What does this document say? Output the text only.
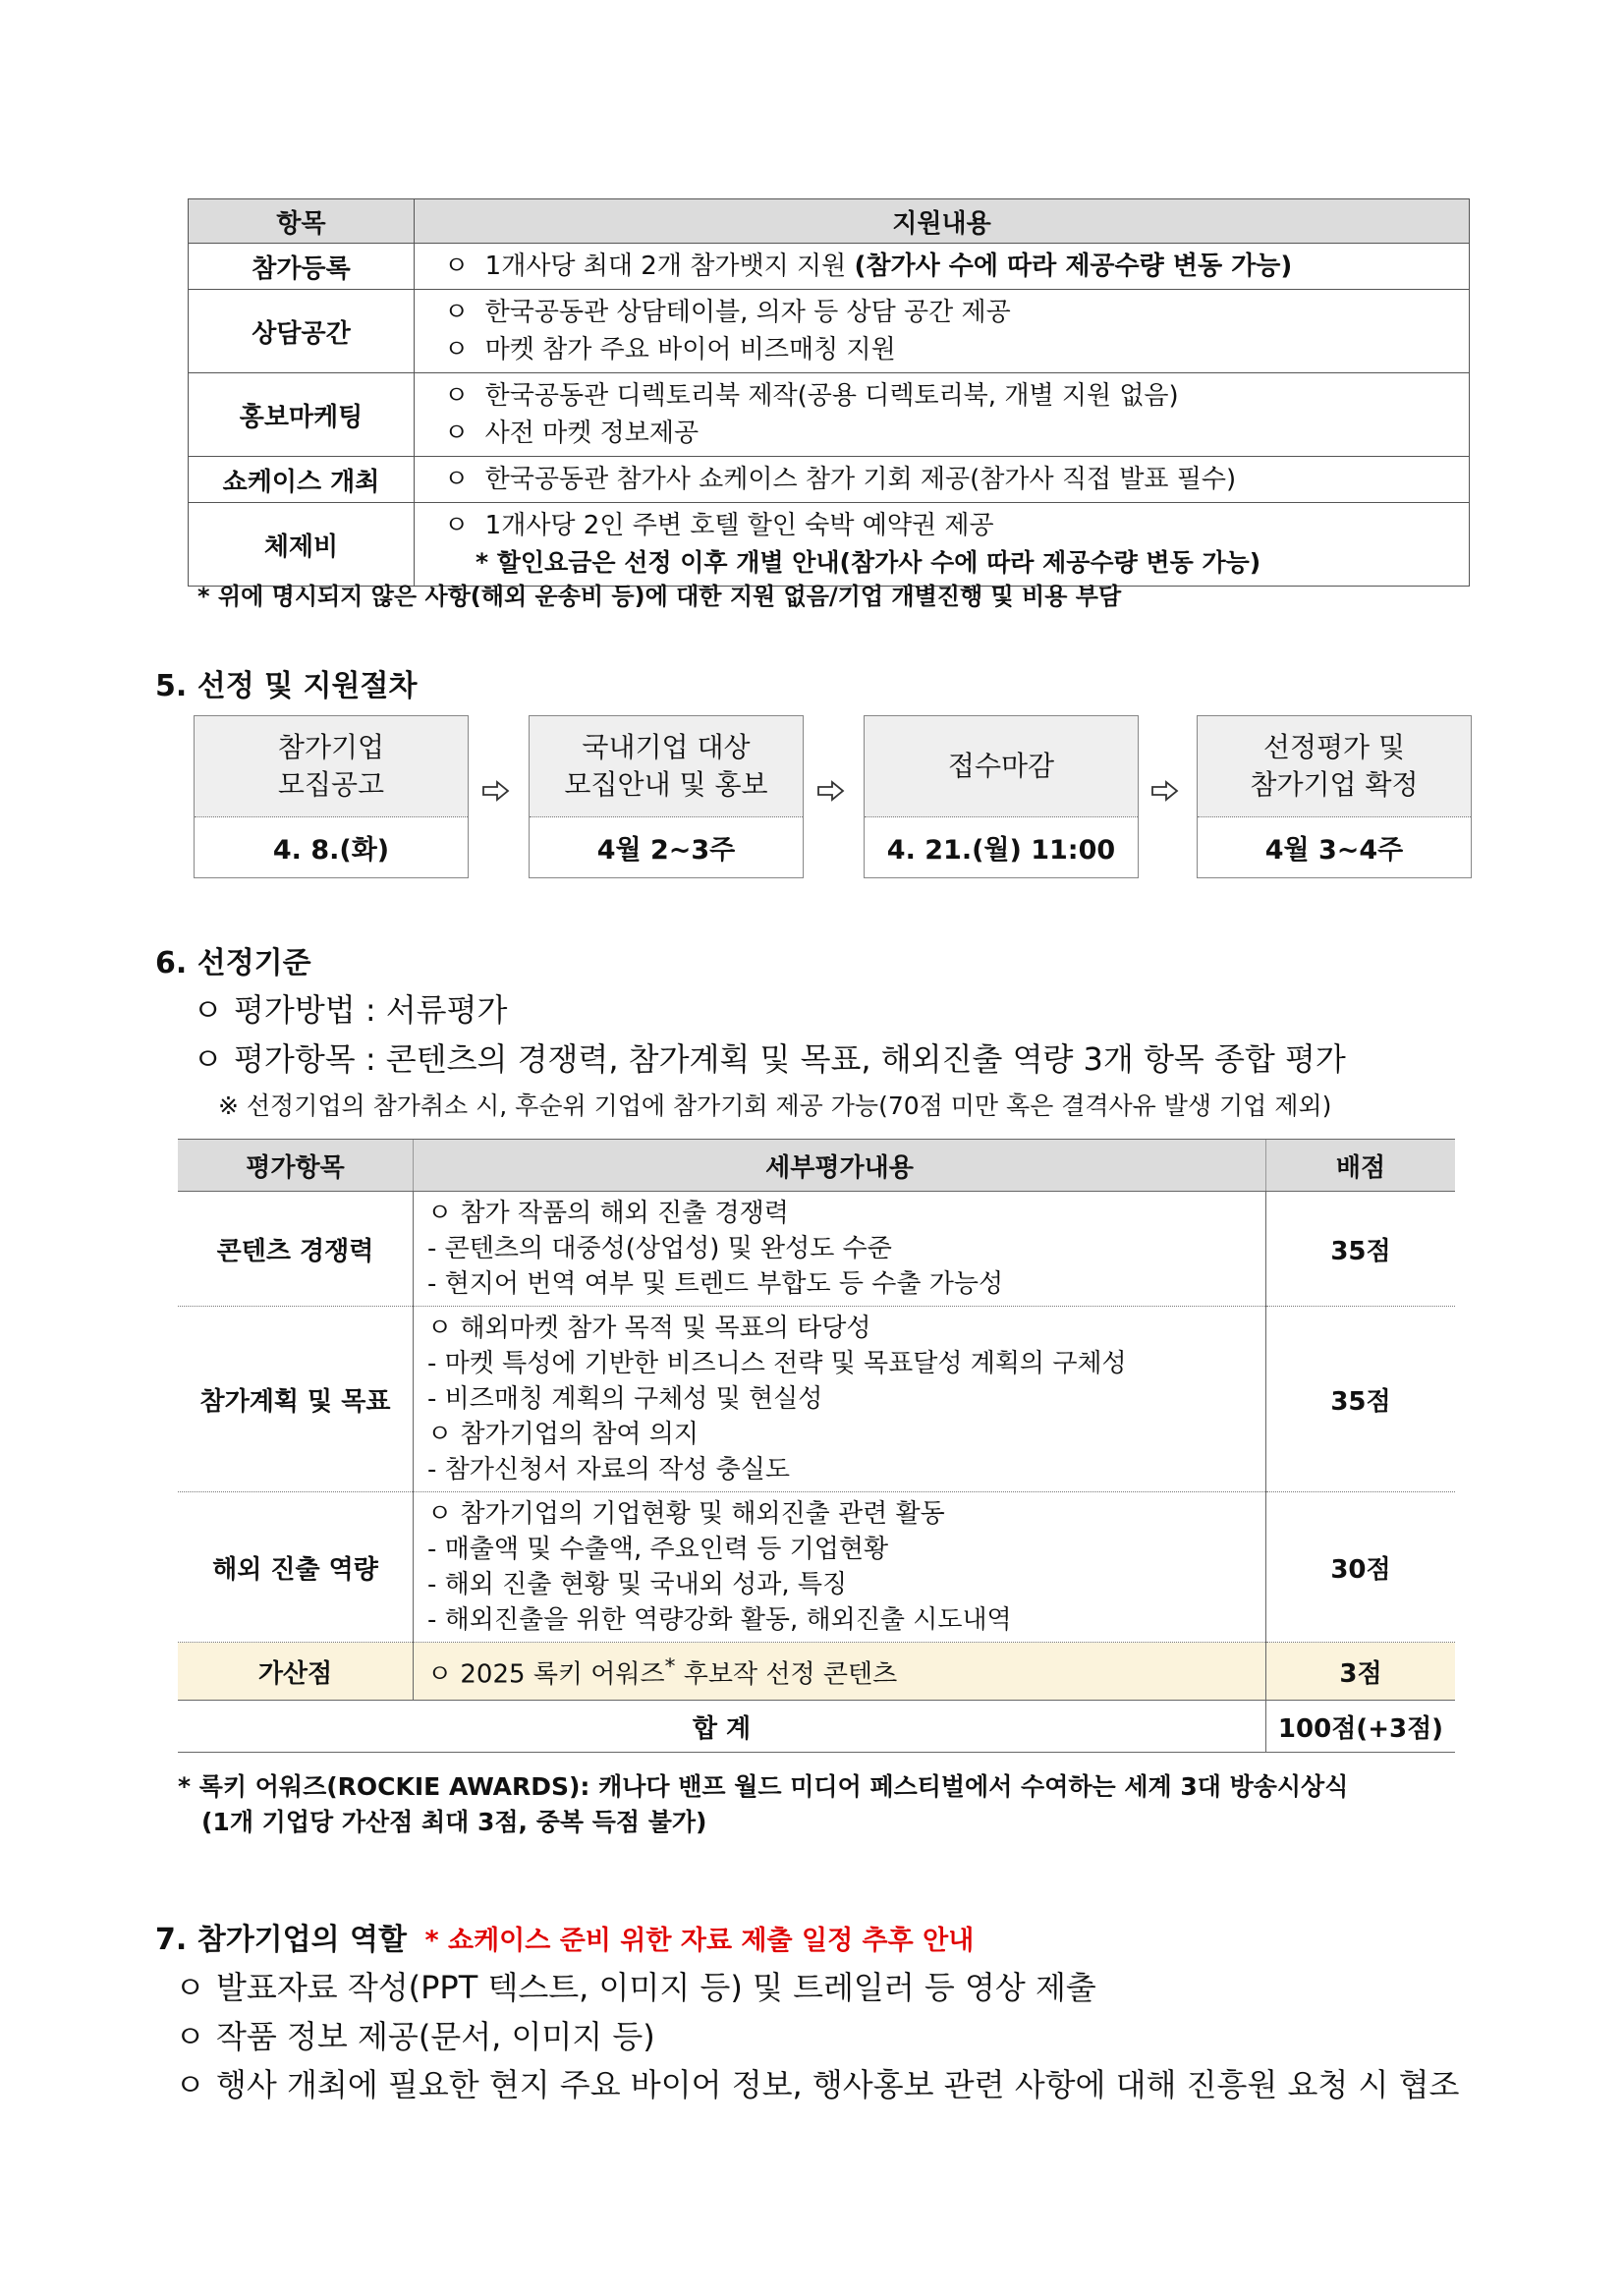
항목	지원내용
참가등록	ㅇ 1개사당 최대 2개 참가뱃지 지원 (참가사 수에 따라 제공수량 변동 가능)

상담공간	ㅇ 한국공동관 상담테이블, 의자 등 상담 공간 제공
ㅇ 마켓 참가 주요 바이어 비즈매칭 지원

홍보마케팅	ㅇ 한국공동관 디렉토리북 제작(공용 디렉토리북, 개별 지원 없음)
ㅇ 사전 마켓 정보제공

쇼케이스 개최	ㅇ 한국공동관 참가사 쇼케이스 참가 기회 제공(참가사 직접 발표 필수)

체제비	ㅇ 1개사당 2인 주변 호텔 할인 숙박 예약권 제공
* 할인요금은 선정 이후 개별 안내(참가사 수에 따라 제공수량 변동 가능)
* 위에 명시되지 않은 사항(해외 운송비 등)에 대한 지원 없음/기업 개별진행 및 비용 부담
5. 선정 및 지원절차
참가기업
모집공고
4. 8.(화)
국내기업 대상
모집안내 및 홍보
4월 2~3주
접수마감
4. 21.(월) 11:00
선정평가 및
참가기업 확정
4월 3~4주
6. 선정기준
ㅇ 평가방법 : 서류평가
ㅇ 평가항목 : 콘텐츠의 경쟁력, 참가계획 및 목표, 해외진출 역량 3개 항목 종합 평가
※ 선정기업의 참가취소 시, 후순위 기업에 참가기회 제공 가능(70점 미만 혹은 결격사유 발생 기업 제외)
평가항목	세부평가내용	배점
콘텐츠 경쟁력	ㅇ 참가 작품의 해외 진출 경쟁력
- 콘텐츠의 대중성(상업성) 및 완성도 수준
- 현지어 번역 여부 및 트렌드 부합도 등 수출 가능성	35점
참가계획 및 목표	ㅇ 해외마켓 참가 목적 및 목표의 타당성
- 마켓 특성에 기반한 비즈니스 전략 및 목표달성 계획의 구체성
- 비즈매칭 계획의 구체성 및 현실성
ㅇ 참가기업의 참여 의지
- 참가신청서 자료의 작성 충실도	35점
해외 진출 역량	ㅇ 참가기업의 기업현황 및 해외진출 관련 활동
- 매출액 및 수출액, 주요인력 등 기업현황
- 해외 진출 현황 및 국내외 성과, 특징
- 해외진출을 위한 역량강화 활동, 해외진출 시도내역	30점
가산점	ㅇ 2025 록키 어워즈* 후보작 선정 콘텐츠	3점
합 계		100점(+3점)
* 록키 어워즈(ROCKIE AWARDS): 캐나다 밴프 월드 미디어 페스티벌에서 수여하는 세계 3대 방송시상식
(1개 기업당 가산점 최대 3점, 중복 득점 불가)
7. 참가기업의 역할 * 쇼케이스 준비 위한 자료 제출 일정 추후 안내
ㅇ 발표자료 작성(PPT 텍스트, 이미지 등) 및 트레일러 등 영상 제출
ㅇ 작품 정보 제공(문서, 이미지 등)
ㅇ 행사 개최에 필요한 현지 주요 바이어 정보, 행사홍보 관련 사항에 대해 진흥원 요청 시 협조
